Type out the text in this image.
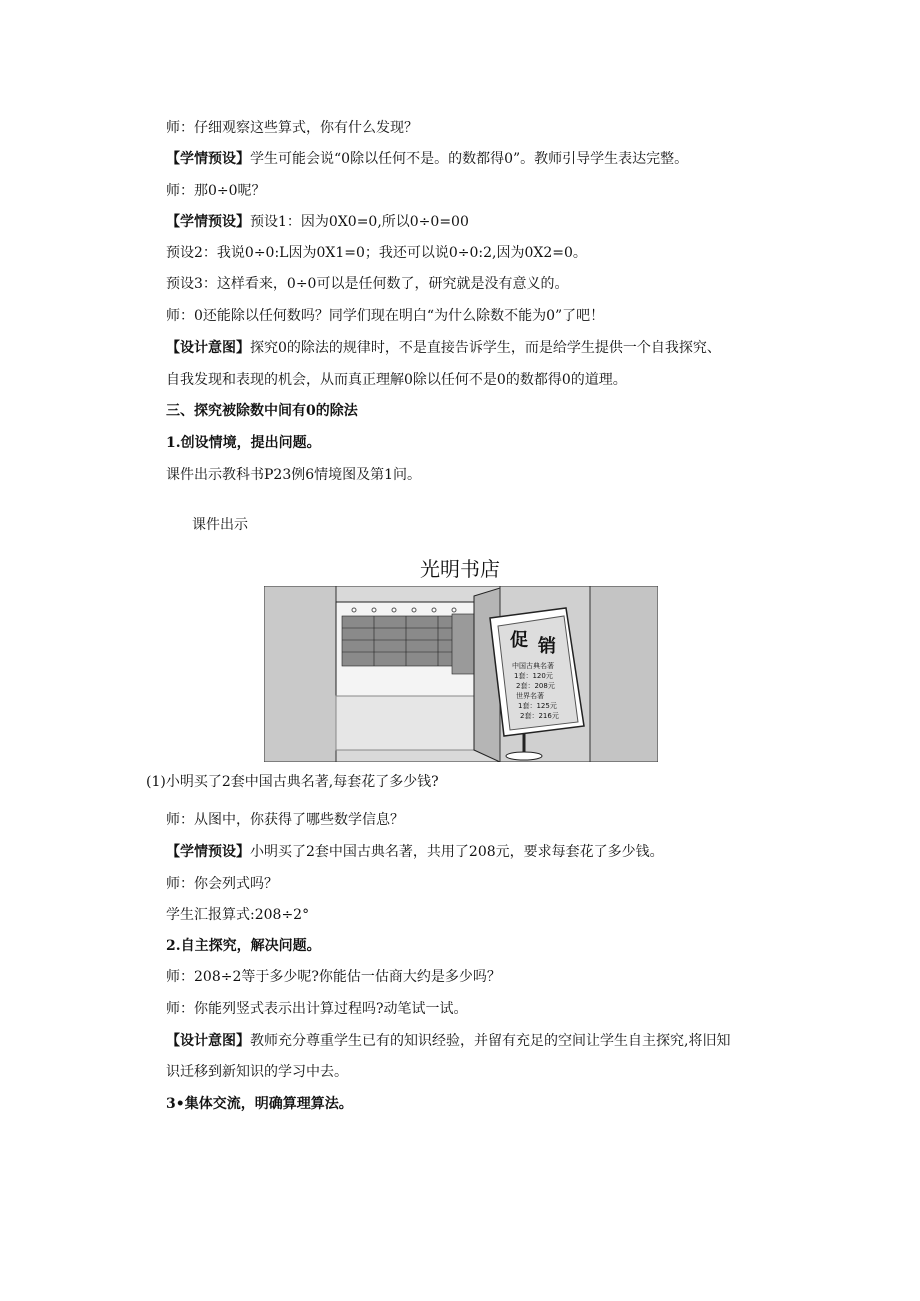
师：仔细观察这些算式，你有什么发现？
【学情预设】学生可能会说“0除以任何不是。的数都得0”。教师引导学生表达完整。
师：那0÷0呢？
【学情预设】预设1：因为0X0=0,所以0÷0=00
预设2：我说0÷0:L因为0X1=0；我还可以说0÷0:2,因为0X2=0。
预设3：这样看来，0÷0可以是任何数了，研究就是没有意义的。
师：0还能除以任何数吗？同学们现在明白“为什么除数不能为0”了吧！
【设计意图】探究0的除法的规律时，不是直接告诉学生，而是给学生提供一个自我探究、
自我发现和表现的机会，从而真正理解0除以任何不是0的数都得0的道理。
三、探究被除数中间有0的除法
1.创设情境，提出问题。
课件出示教科书P23例6情境图及第1问。
课件出示
光明书店
促 销
中国古典名著
1套：120元
2套：208元
世界名著
1套：125元
2套：216元
(1)小明买了2套中国古典名著,每套花了多少钱?
师：从图中，你获得了哪些数学信息？
【学情预设】小明买了2套中国古典名著，共用了208元，要求每套花了多少钱。
师：你会列式吗？
学生汇报算式:208÷2°
2.自主探究，解决问题。
师：208÷2等于多少呢?你能估一估商大约是多少吗？
师：你能列竖式表示出计算过程吗?动笔试一试。
【设计意图】教师充分尊重学生已有的知识经验，并留有充足的空间让学生自主探究,将旧知
识迁移到新知识的学习中去。
3•集体交流，明确算理算法。
